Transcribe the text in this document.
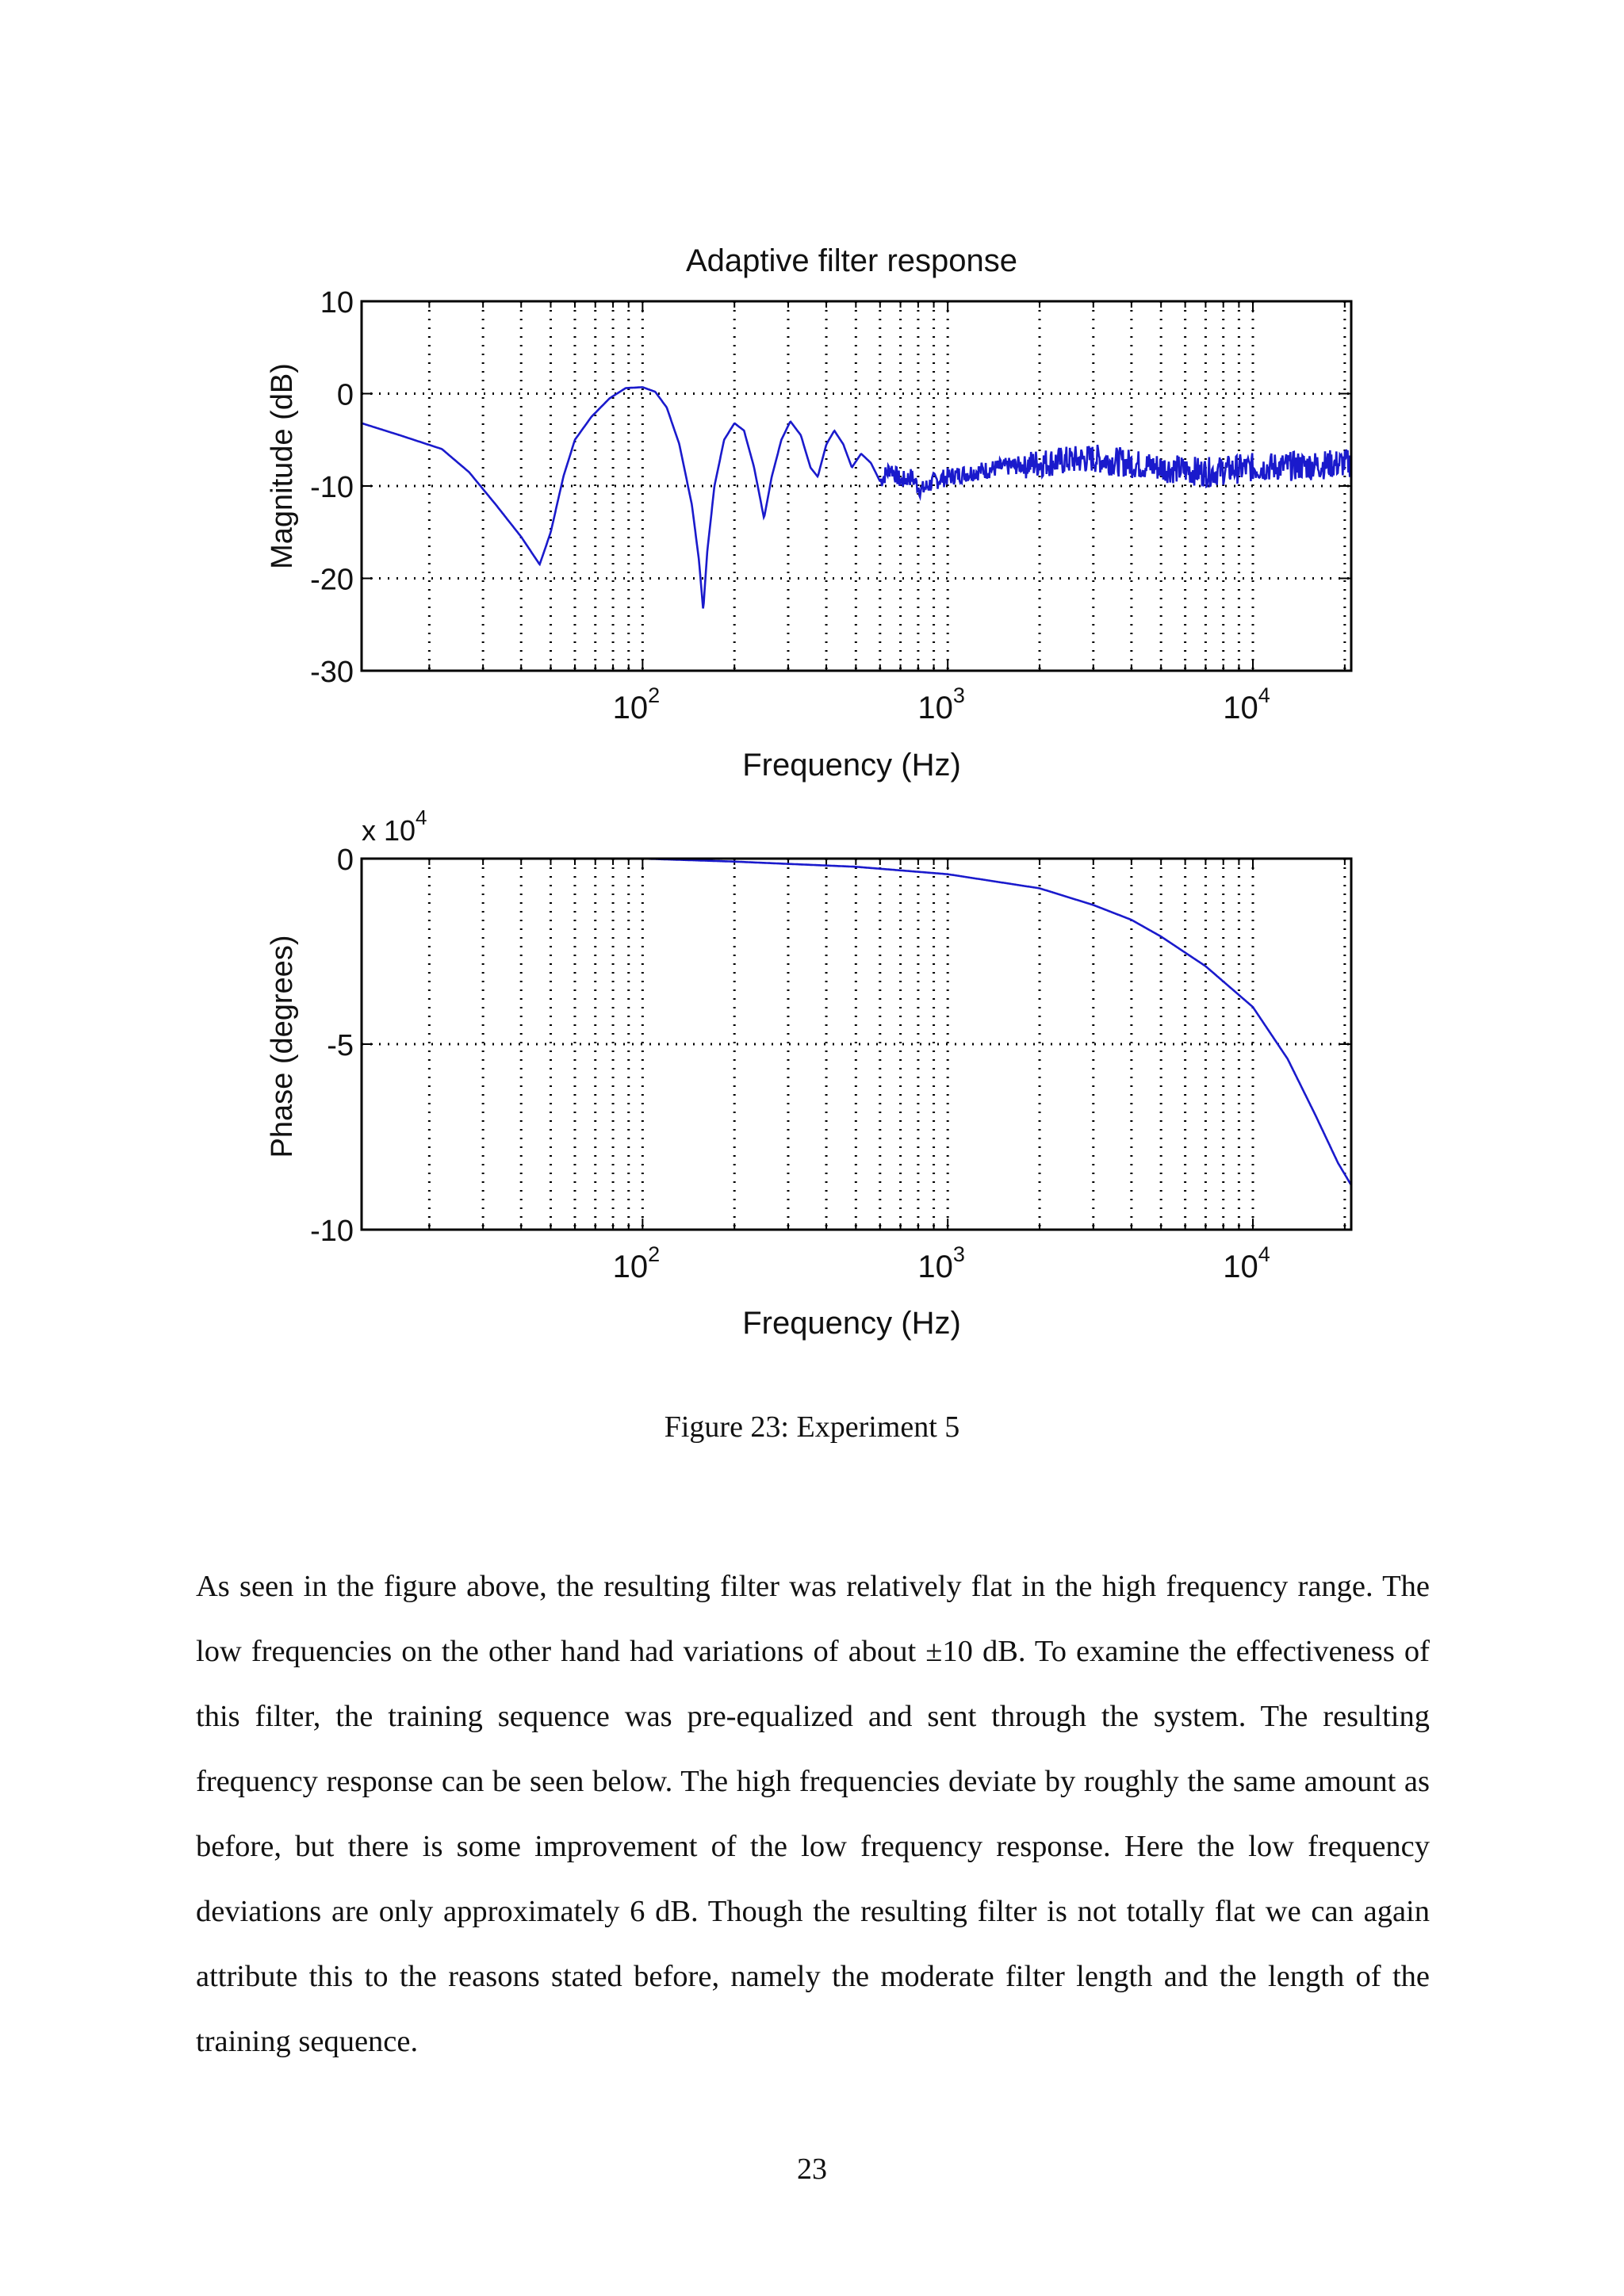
Adaptive filter response
Magnitude (dB)
10
0
-10
-20
-30
$10^2$	$10^3$	$10^4$
Frequency (Hz)
Phase (degrees)
x $10^4$
0
-5
-10
$10^2$	$10^3$	$10^4$
Frequency (Hz)
Figure 23: Experiment 5

As seen in the figure above, the resulting filter was relatively flat in the high frequency range. The low frequencies on the other hand had variations of about ±10 dB. To examine the effectiveness of this filter, the training sequence was pre-equalized and sent through the system. The resulting frequency response can be seen below. The high frequencies deviate by roughly the same amount as before, but there is some improvement of the low frequency response. Here the low frequency deviations are only approximately 6 dB. Though the resulting filter is not totally flat we can again attribute this to the reasons stated before, namely the moderate filter length and the length of the training sequence.

23
